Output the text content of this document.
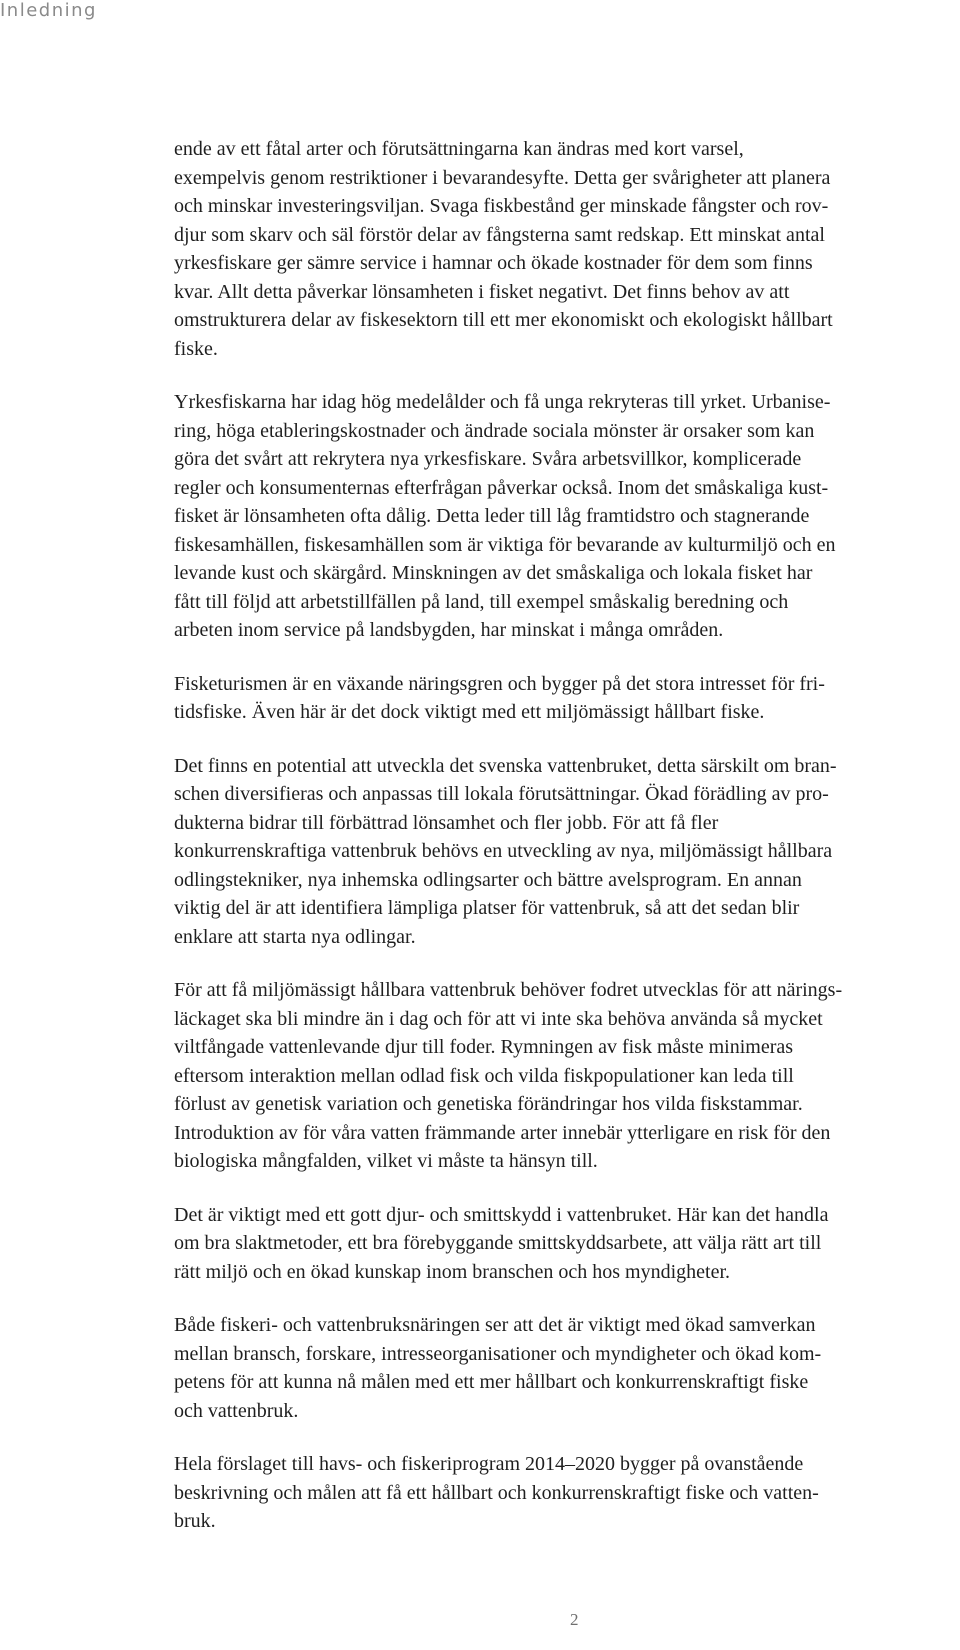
Inledning

ende av ett fåtal arter och förutsättningarna kan ändras med kort varsel,
exempelvis genom restriktioner i bevarandesyfte. Detta ger svårigheter att planera
och minskar investeringsviljan. Svaga fiskbestånd ger minskade fångster och rov-
djur som skarv och säl förstör delar av fångsterna samt redskap. Ett minskat antal
yrkesfiskare ger sämre service i hamnar och ökade kostnader för dem som finns
kvar. Allt detta påverkar lönsamheten i fisket negativt. Det finns behov av att
omstrukturera delar av fiskesektorn till ett mer ekonomiskt och ekologiskt hållbart
fiske.

Yrkesfiskarna har idag hög medelålder och få unga rekryteras till yrket. Urbanise-
ring, höga etableringskostnader och ändrade sociala mönster är orsaker som kan
göra det svårt att rekrytera nya yrkesfiskare. Svåra arbetsvillkor, komplicerade
regler och konsumenternas efterfrågan påverkar också. Inom det småskaliga kust-
fisket är lönsamheten ofta dålig. Detta leder till låg framtidstro och stagnerande
fiskesamhällen, fiskesamhällen som är viktiga för bevarande av kulturmiljö och en
levande kust och skärgård. Minskningen av det småskaliga och lokala fisket har
fått till följd att arbetstillfällen på land, till exempel småskalig beredning och
arbeten inom service på landsbygden, har minskat i många områden.

Fisketurismen är en växande näringsgren och bygger på det stora intresset för fri-
tidsfiske. Även här är det dock viktigt med ett miljömässigt hållbart fiske.

Det finns en potential att utveckla det svenska vattenbruket, detta särskilt om bran-
schen diversifieras och anpassas till lokala förutsättningar. Ökad förädling av pro-
dukterna bidrar till förbättrad lönsamhet och fler jobb. För att få fler
konkurrenskraftiga vattenbruk behövs en utveckling av nya, miljömässigt hållbara
odlingstekniker, nya inhemska odlingsarter och bättre avelsprogram. En annan
viktig del är att identifiera lämpliga platser för vattenbruk, så att det sedan blir
enklare att starta nya odlingar.

För att få miljömässigt hållbara vattenbruk behöver fodret utvecklas för att närings-
läckaget ska bli mindre än i dag och för att vi inte ska behöva använda så mycket
viltfångade vattenlevande djur till foder. Rymningen av fisk måste minimeras
eftersom interaktion mellan odlad fisk och vilda fiskpopulationer kan leda till
förlust av genetisk variation och genetiska förändringar hos vilda fiskstammar.
Introduktion av för våra vatten främmande arter innebär ytterligare en risk för den
biologiska mångfalden, vilket vi måste ta hänsyn till.

Det är viktigt med ett gott djur- och smittskydd i vattenbruket. Här kan det handla
om bra slaktmetoder, ett bra förebyggande smittskyddsarbete, att välja rätt art till
rätt miljö och en ökad kunskap inom branschen och hos myndigheter.

Både fiskeri- och vattenbruksnäringen ser att det är viktigt med ökad samverkan
mellan bransch, forskare, intresseorganisationer och myndigheter och ökad kom-
petens för att kunna nå målen med ett mer hållbart och konkurrenskraftigt fiske
och vattenbruk.

Hela förslaget till havs- och fiskeriprogram 2014–2020 bygger på ovanstående
beskrivning och målen att få ett hållbart och konkurrenskraftigt fiske och vatten-
bruk.

2
